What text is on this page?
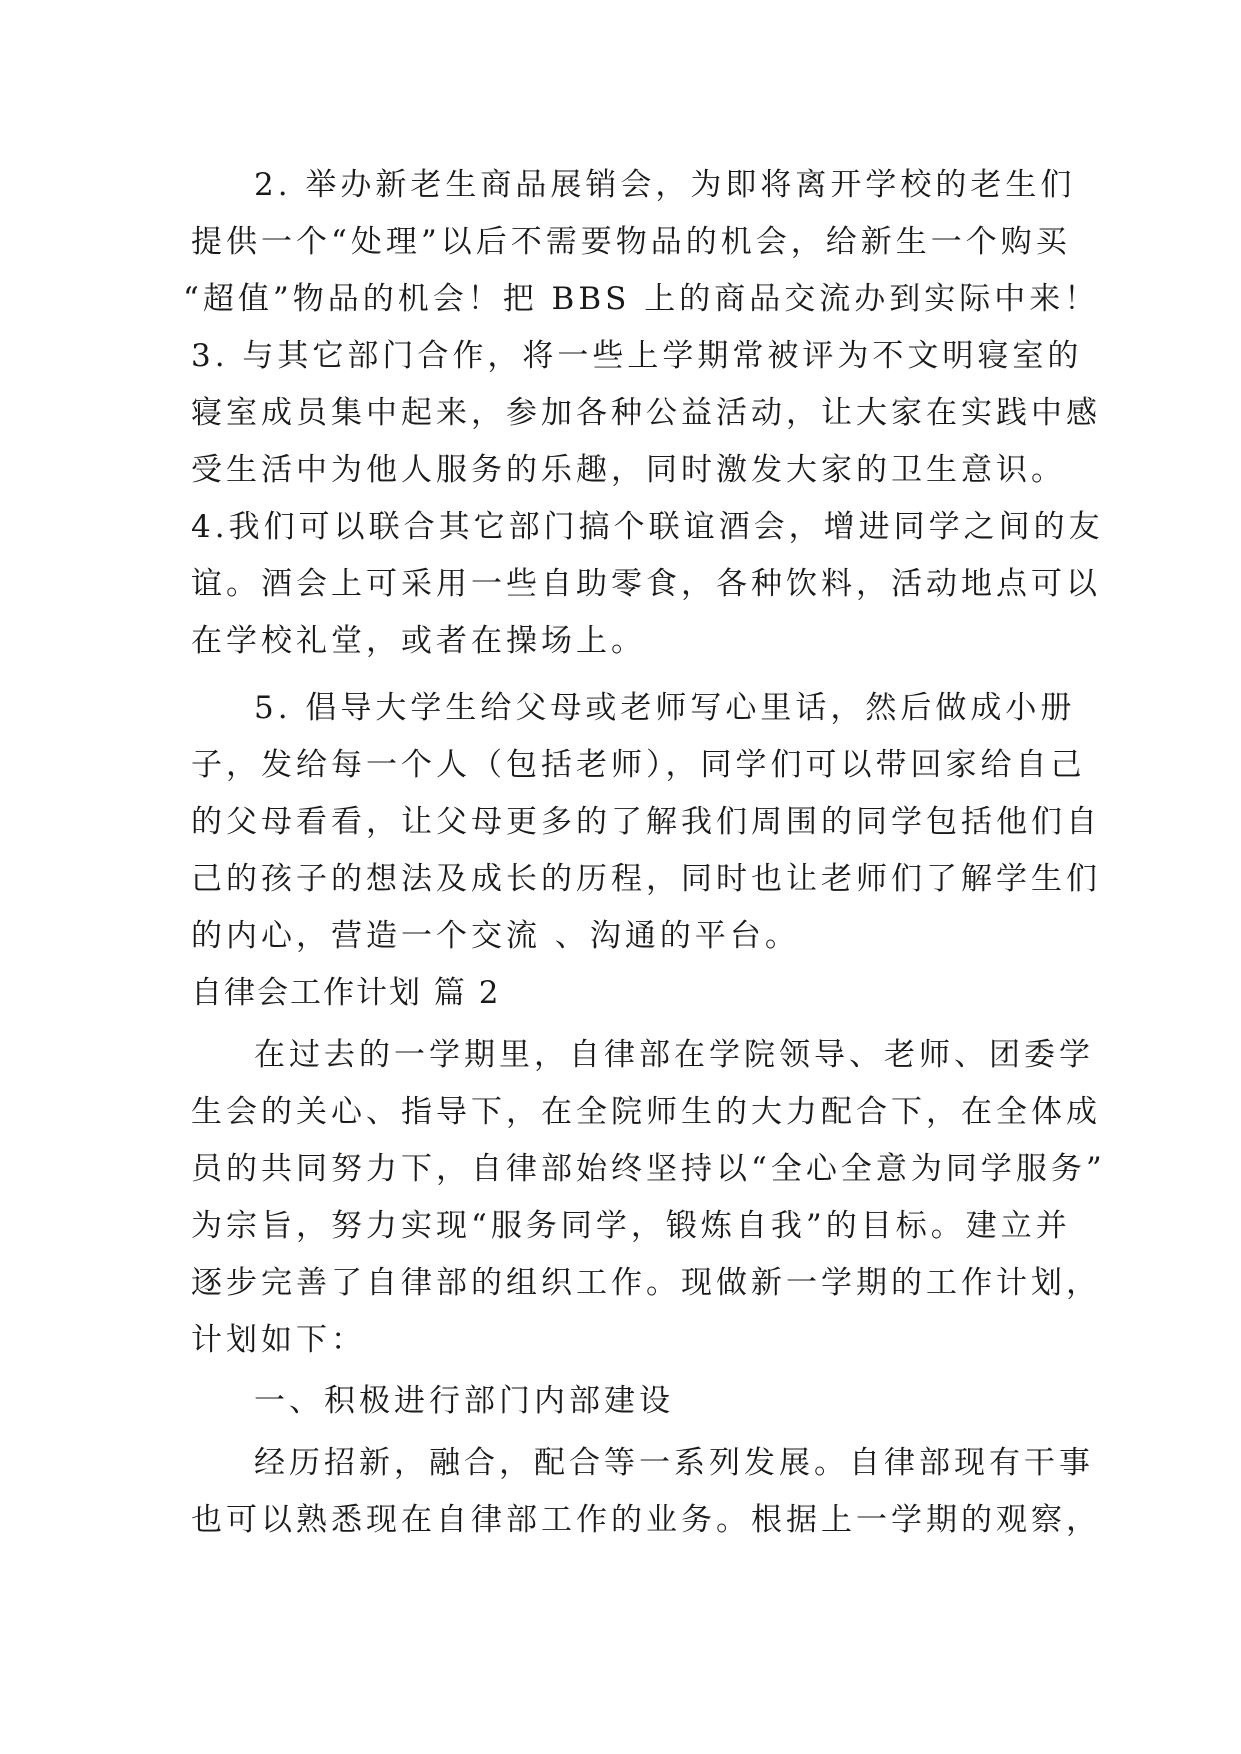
2. 举办新老生商品展销会，为即将离开学校的老生们

提供一个“处理”以后不需要物品的机会，给新生一个购买

“超值”物品的机会！把 BBS 上的商品交流办到实际中来！

3. 与其它部门合作，将一些上学期常被评为不文明寝室的

寝室成员集中起来，参加各种公益活动，让大家在实践中感

受生活中为他人服务的乐趣，同时激发大家的卫生意识。

4.我们可以联合其它部门搞个联谊酒会，增进同学之间的友

谊。酒会上可采用一些自助零食，各种饮料，活动地点可以

在学校礼堂，或者在操场上。

5. 倡导大学生给父母或老师写心里话，然后做成小册

子，发给每一个人（包括老师），同学们可以带回家给自己

的父母看看，让父母更多的了解我们周围的同学包括他们自

己的孩子的想法及成长的历程，同时也让老师们了解学生们

的内心，营造一个交流 、沟通的平台。

自律会工作计划 篇 2

在过去的一学期里，自律部在学院领导、老师、团委学

生会的关心、指导下，在全院师生的大力配合下，在全体成

员的共同努力下，自律部始终坚持以“全心全意为同学服务”

为宗旨，努力实现“服务同学，锻炼自我”的目标。建立并

逐步完善了自律部的组织工作。现做新一学期的工作计划，

计划如下：

一、积极进行部门内部建设

经历招新，融合，配合等一系列发展。自律部现有干事

也可以熟悉现在自律部工作的业务。根据上一学期的观察，
